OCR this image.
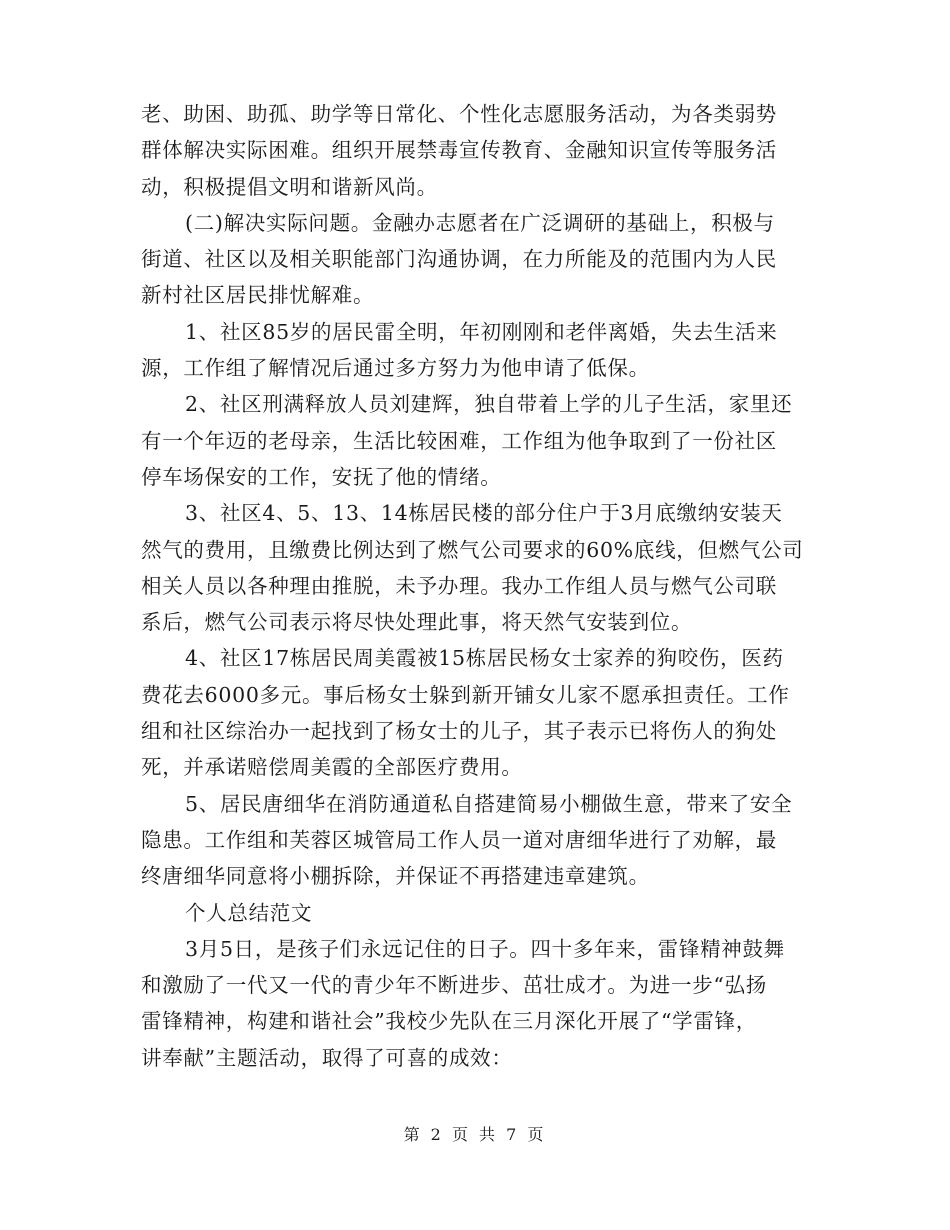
老、助困、助孤、助学等日常化、个性化志愿服务活动，为各类弱势
群体解决实际困难。组织开展禁毒宣传教育、金融知识宣传等服务活
动，积极提倡文明和谐新风尚。
(二)解决实际问题。金融办志愿者在广泛调研的基础上，积极与
街道、社区以及相关职能部门沟通协调，在力所能及的范围内为人民
新村社区居民排忧解难。
1、社区85岁的居民雷全明，年初刚刚和老伴离婚，失去生活来
源，工作组了解情况后通过多方努力为他申请了低保。
2、社区刑满释放人员刘建辉，独自带着上学的儿子生活，家里还
有一个年迈的老母亲，生活比较困难，工作组为他争取到了一份社区
停车场保安的工作，安抚了他的情绪。
3、社区4、5、13、14栋居民楼的部分住户于3月底缴纳安装天
然气的费用，且缴费比例达到了燃气公司要求的60%底线，但燃气公司
相关人员以各种理由推脱，未予办理。我办工作组人员与燃气公司联
系后，燃气公司表示将尽快处理此事，将天然气安装到位。
4、社区17栋居民周美霞被15栋居民杨女士家养的狗咬伤，医药
费花去6000多元。事后杨女士躲到新开铺女儿家不愿承担责任。工作
组和社区综治办一起找到了杨女士的儿子，其子表示已将伤人的狗处
死，并承诺赔偿周美霞的全部医疗费用。
5、居民唐细华在消防通道私自搭建简易小棚做生意，带来了安全
隐患。工作组和芙蓉区城管局工作人员一道对唐细华进行了劝解，最
终唐细华同意将小棚拆除，并保证不再搭建违章建筑。
个人总结范文
3月5日，是孩子们永远记住的日子。四十多年来，雷锋精神鼓舞
和激励了一代又一代的青少年不断进步、茁壮成才。为进一步“弘扬
雷锋精神，构建和谐社会”我校少先队在三月深化开展了“学雷锋，
讲奉献”主题活动，取得了可喜的成效：
第 2 页 共 7 页
